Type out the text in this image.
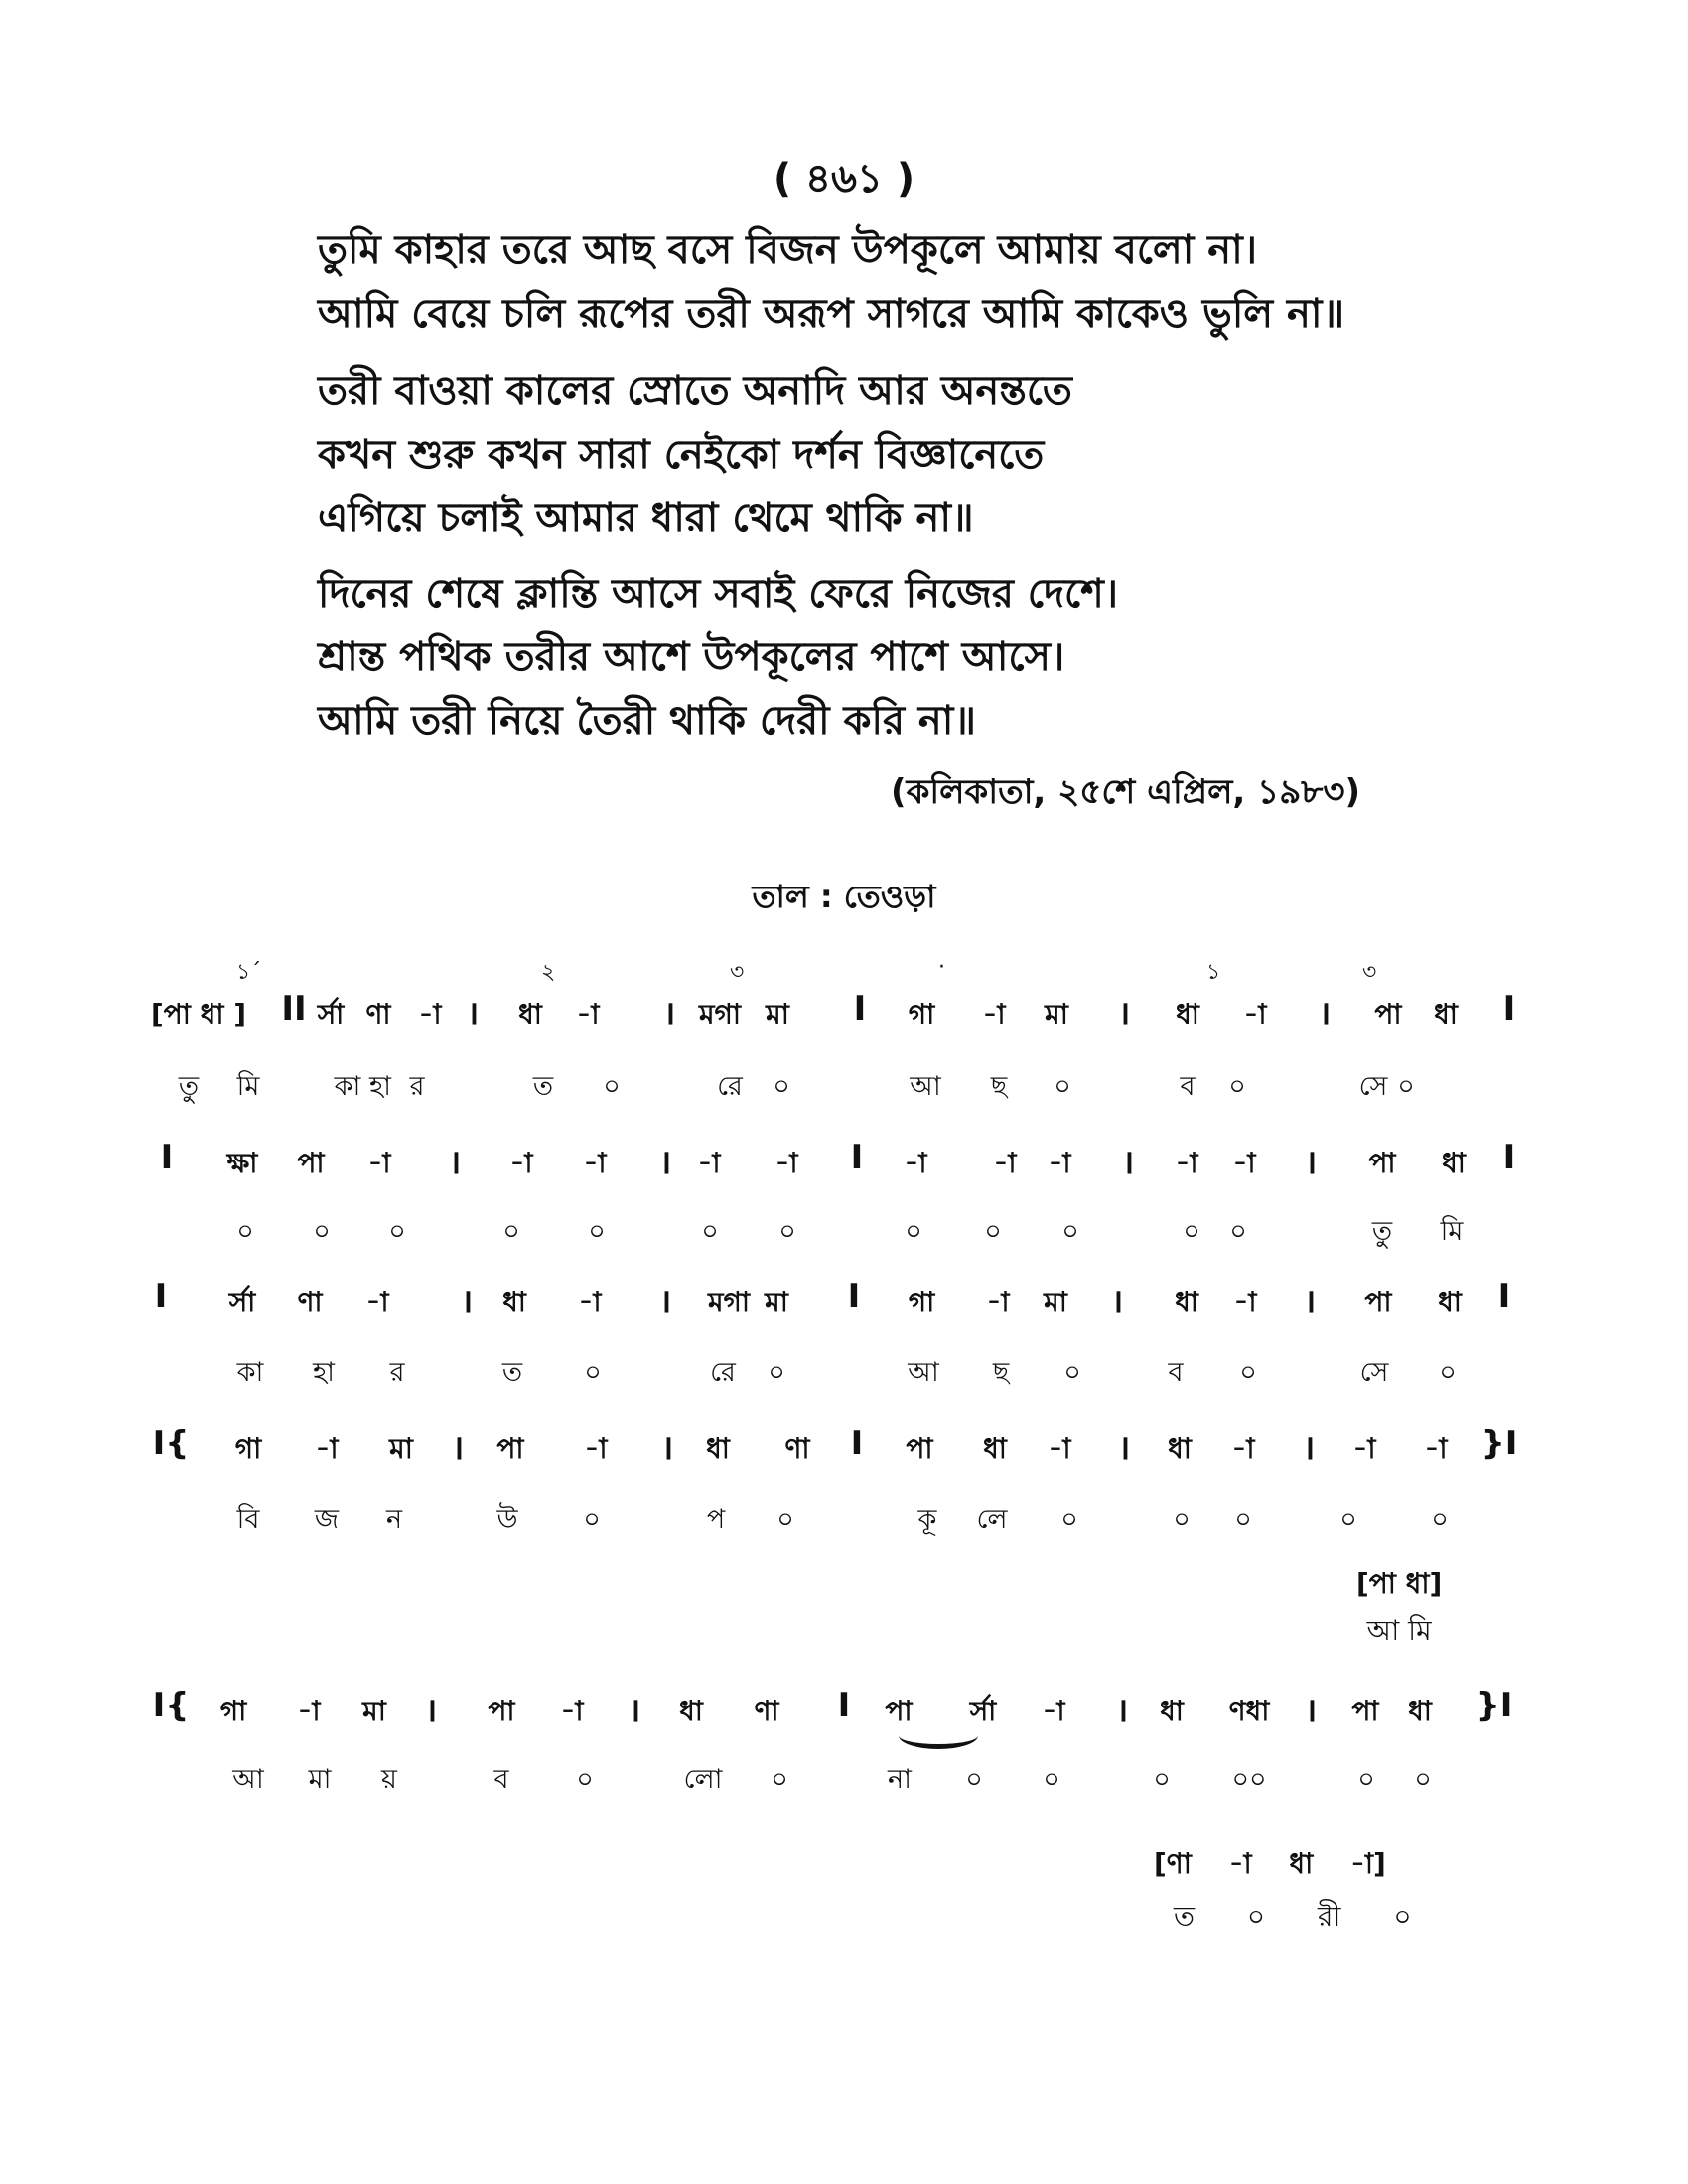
( ৪৬১ )
তুমি কাহার তরে আছ বসে বিজন উপকূলে আমায় বলো না।
আমি বেয়ে চলি রূপের তরী অরূপ সাগরে আমি কাকেও ভুলি না॥
তরী বাওয়া কালের স্রোতে অনাদি আর অনন্ততে
কখন শুরু কখন সারা নেইকো দর্শন বিজ্ঞানেতে
এগিয়ে চলাই আমার ধারা থেমে থাকি না॥
দিনের শেষে ক্লান্তি আসে সবাই ফেরে নিজের দেশে।
শ্রান্ত পথিক তরীর আশে উপকূলের পাশে আসে।
আমি তরী নিয়ে তৈরী থাকি দেরী করি না॥
(কলিকাতা, ২৫শে এপ্রিল, ১৯৮৩)
তাল : তেওড়া
১´	২	৩	·	১	৩
[পা ধা ] II র্সা ণা -া । ধা -া । মগা মা I গা -া মা । ধা -া । পা ধা I
তু মি	কা হা র	ত ০	রে ০	আ ছ ০	ব ০	সে ০
I ক্ষা পা -া । -া -া । -া -া I -া -া -া । -া -া । পা ধা I
০ ০ ০	০	০	০ ০	০ ০ ০	০ ০	তু মি
I র্সা ণা -া । ধা -া । মগা মা I গা -া মা । ধা -া । পা ধা I
কা হা র	ত ০	রে ০	আ ছ ০	ব ০	সে ০
I{ গা -া মা । পা -া । ধা ণা I পা ধা -া । ধা -া । -া -া }I
বি জ ন	উ ০	প ০	কূ লে ০	০ ০	০	০
[পা ধা]
আ মি
I{ গা -া মা । পা -া । ধা ণা I পা র্সা -া । ধা ণধা । পা ধা }I
আ মা য়	ব	০	লো ০	না ০ ০	০ ০০	০ ০
[ণা -া ধা -া]
ত ০ রী ০
